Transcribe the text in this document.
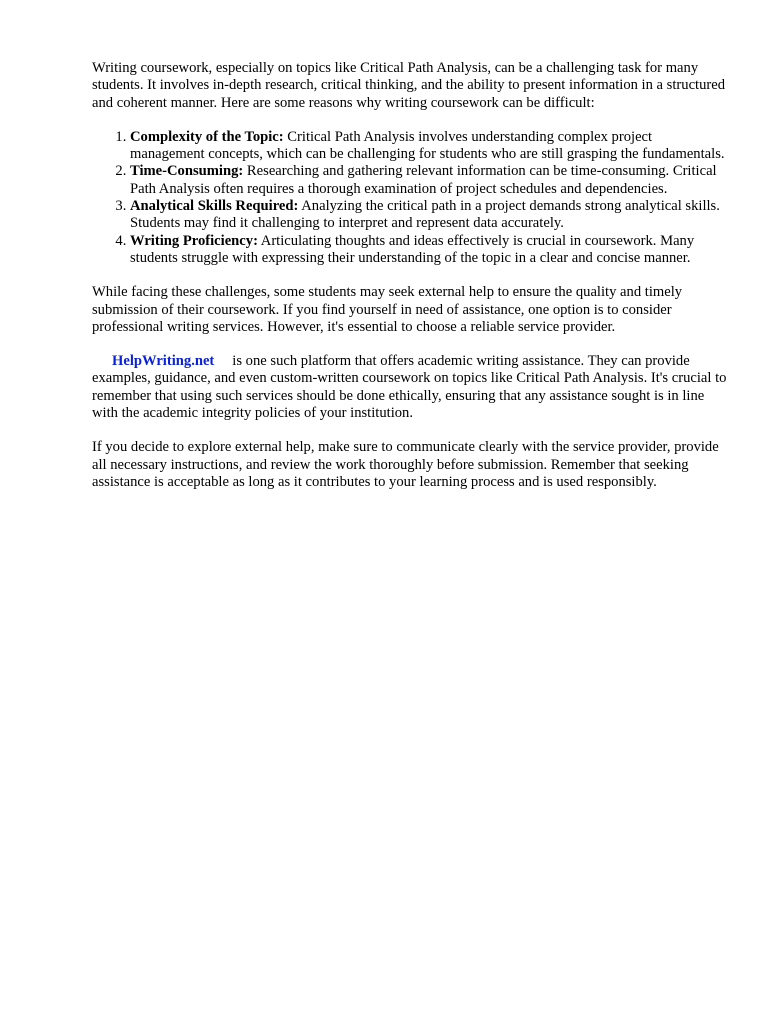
Writing coursework, especially on topics like Critical Path Analysis, can be a challenging task for many students. It involves in-depth research, critical thinking, and the ability to present information in a structured and coherent manner. Here are some reasons why writing coursework can be difficult:

1. Complexity of the Topic: Critical Path Analysis involves understanding complex project management concepts, which can be challenging for students who are still grasping the fundamentals.
2. Time-Consuming: Researching and gathering relevant information can be time-consuming. Critical Path Analysis often requires a thorough examination of project schedules and dependencies.
3. Analytical Skills Required: Analyzing the critical path in a project demands strong analytical skills. Students may find it challenging to interpret and represent data accurately.
4. Writing Proficiency: Articulating thoughts and ideas effectively is crucial in coursework. Many students struggle with expressing their understanding of the topic in a clear and concise manner.

While facing these challenges, some students may seek external help to ensure the quality and timely submission of their coursework. If you find yourself in need of assistance, one option is to consider professional writing services. However, it's essential to choose a reliable service provider.

HelpWriting.net is one such platform that offers academic writing assistance. They can provide examples, guidance, and even custom-written coursework on topics like Critical Path Analysis. It's crucial to remember that using such services should be done ethically, ensuring that any assistance sought is in line with the academic integrity policies of your institution.

If you decide to explore external help, make sure to communicate clearly with the service provider, provide all necessary instructions, and review the work thoroughly before submission. Remember that seeking assistance is acceptable as long as it contributes to your learning process and is used responsibly.
